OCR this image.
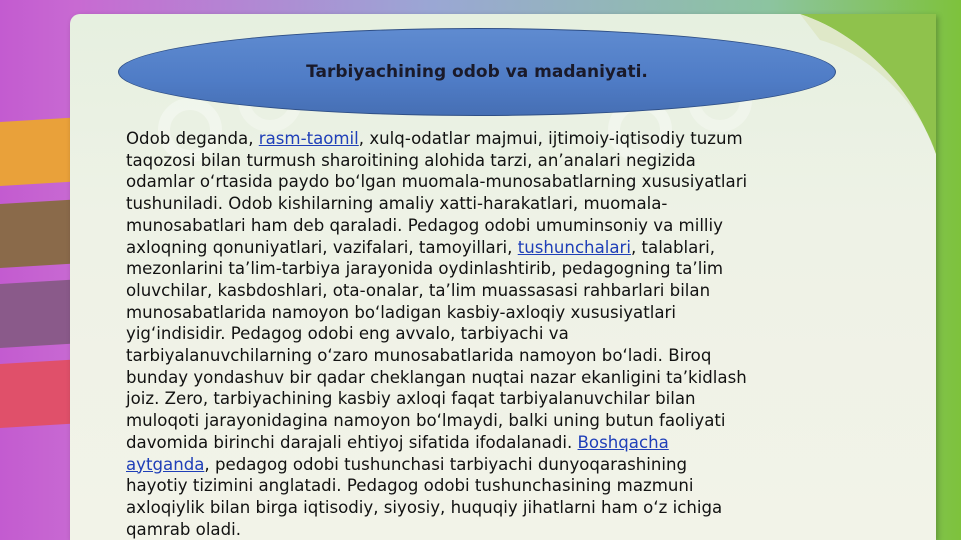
Tarbiyachining odob va madaniyati.

Odob deganda, rasm-taomil, xulq-odatlar majmui, ijtimoiy-iqtisodiy tuzum
taqozosi bilan turmush sharoitining alohida tarzi, an’analari negizida
odamlar o‘rtasida paydo bo‘lgan muomala-munosabatlarning xususiyatlari
tushuniladi. Odob kishilarning amaliy xatti-harakatlari, muomala-
munosabatlari ham deb qaraladi. Pedagog odobi umuminsoniy va milliy
axloqning qonuniyatlari, vazifalari, tamoyillari, tushunchalari, talablari,
mezonlarini ta’lim-tarbiya jarayonida oydinlashtirib, pedagogning ta’lim
oluvchilar, kasbdoshlari, ota-onalar, ta’lim muassasasi rahbarlari bilan
munosabatlarida namoyon bo‘ladigan kasbiy-axloqiy xususiyatlari
yig‘indisidir. Pedagog odobi eng avvalo, tarbiyachi va
tarbiyalanuvchilarning o‘zaro munosabatlarida namoyon bo‘ladi. Biroq
bunday yondashuv bir qadar cheklangan nuqtai nazar ekanligini ta’kidlash
joiz. Zero, tarbiyachining kasbiy axloqi faqat tarbiyalanuvchilar bilan
muloqoti jarayonidagina namoyon bo‘lmaydi, balki uning butun faoliyati
davomida birinchi darajali ehtiyoj sifatida ifodalanadi. Boshqacha
aytganda, pedagog odobi tushunchasi tarbiyachi dunyoqarashining
hayotiy tizimini anglatadi. Pedagog odobi tushunchasining mazmuni
axloqiylik bilan birga iqtisodiy, siyosiy, huquqiy jihatlarni ham o‘z ichiga
qamrab oladi.
